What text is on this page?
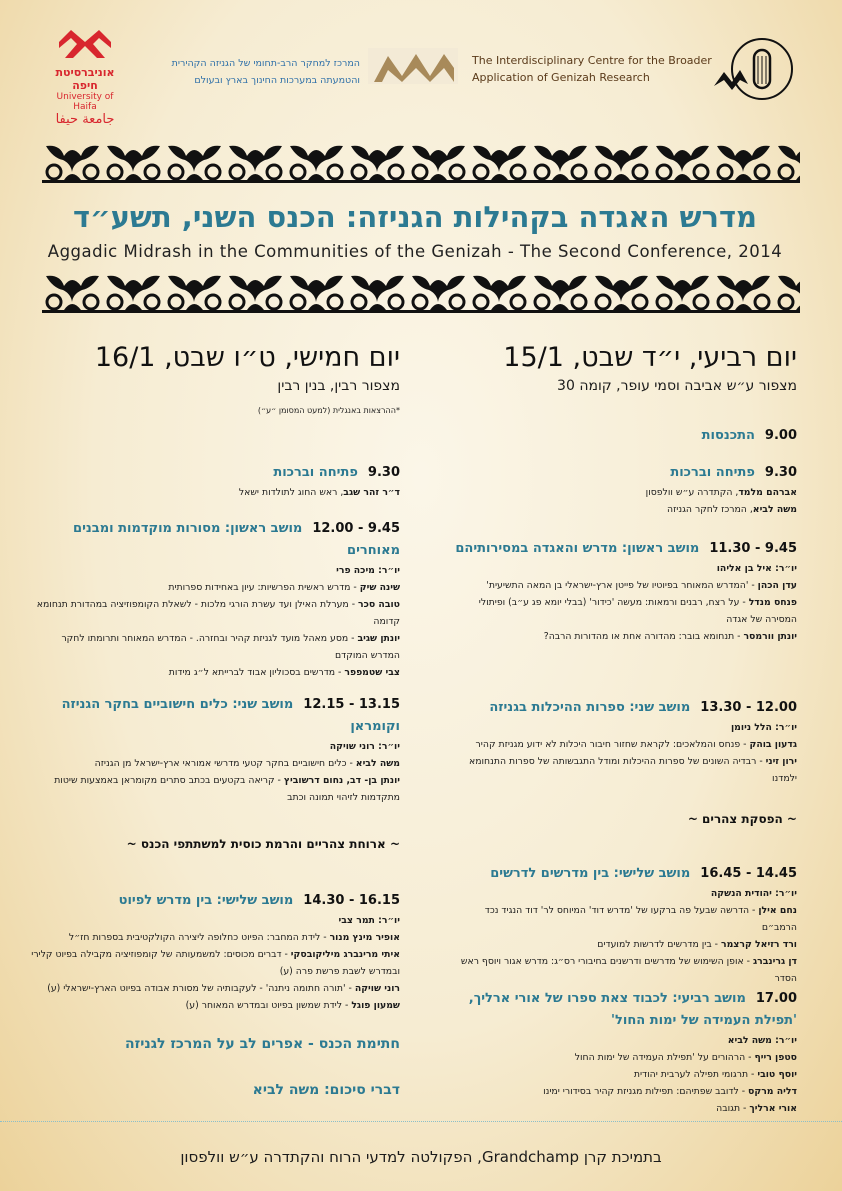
אוניברסיטת חיפה
University of Haifa
جامعة حيفا
המרכז למחקר הרב-תחומי של הגניזה הקהירית
והטמעתה במערכות החינוך בארץ ובעולם
The Interdisciplinary Centre for the Broader
Application of Genizah Research
מדרש האגדה בקהילות הגניזה: הכנס השני, תשע״ד
Aggadic Midrash in the Communities of the Genizah - The Second Conference, 2014
יום רביעי, י״ד שבט, 15/1
מצפור ע״ש אביבה וסמי עופר, קומה 30
9.00התכנסות
9.30פתיחה וברכות
אברהם מלמד, הקתדרה ע״ש וולפסון
משה לביא, המרכז לחקר הגניזה
9.45 - 11.30מושב ראשון: מדרש והאגדה במסירותיהם
יו״ר: איל בן אליהו
עדן הכהן - 'המדרש המאוחר בפיוטיו של פייטן ארץ-ישראלי בן המאה התשיעית'
פנחס מנדל - על רצח, רבנים ורמאות: מעשה 'כידור' (בבלי יומא פג ע״ב) ופיתולי המסירה של אגדה
יונתן וורמסר - תנחומא בובר: מהדורה אחת או מהדורות הרבה?
12.00 - 13.30מושב שני: ספרות ההיכלות בגניזה
יו״ר: הלל ניומן
גדעון בוהק - פנחס והמלאכים: לקראת שחזור חיבור היכלות לא ידוע מגניזת קהיר
ירון זיני - רבדיה השונים של ספרות ההיכלות ומודל התגבשותה של ספרות התנחומא ילמדנו
~ הפסקת צהרים ~
14.45 - 16.45מושב שלישי: בין מדרשים לדרשים
יו״ר: יהודית הנשקה
נחם אילן - הדרשה שבעל פה ברקעו של 'מדרש דוד' המיוחס לר' דוד הנגיד נכד הרמב״ם
ורד רזיאל קרצמר - בין מדרשים לדרשות למועדים
דן גרינברג - אופן השימוש של מדרשים ודרשנים בחיבורי רס״ג: מדרש אגור ויוסף ראש הסדר
17.00מושב רביעי: לכבוד צאת ספרו של אורי ארליך, 'תפילת העמידה של ימות החול'
יו״ר: משה לביא
סטפן רייף - הרהורים על 'תפילת העמידה של ימות החול
יוסף טובי - תרגומי תפילה לערבית יהודית
דליה מרקס - לדובב שפתיהם: תפילות מגניזת קהיר בסידורי ימינו
אורי ארליך - תגובה
יום חמישי, ט״ו שבט, 16/1
מצפור רבין, בנין רבין
*ההרצאות באנגלית (למעט המסומן ״ע״)
9.30פתיחה וברכות
ד״ר זהר שגב, ראש החוג לתולדות ישאל
9.45 - 12.00מושב ראשון: מסורות מוקדמות ומבנים מאוחרים
יו״ר: מיכה פרי
שינה שיק - מדרש ראשית הפרשיות: עיון באחידות ספרותית
טובה סכר - מערלת האילן ועד עשרת הורגי מלכות - לשאלת הקומפוזיציה במהדורת תנחומא קדומה
יונתן שגיב - מסע מאהל מועד לגניזת קהיר ובחזרה. - המדרש המאוחר ותרומתו לחקר המדרש המוקדם
צבי שטמפפר - מדרשים בסכוליון אבוד לברייתא ל״ג מידות
13.15 - 12.15מושב שני: כלים חישוביים בחקר הגניזה וקומראן
יו״ר: רוני שויקה
משה לביא - כלים חישוביים בחקר קטעי מדרשי אמוראי ארץ-ישראל מן הגניזה
יונתן בן- דב, נחום דרשוביץ - קריאה בקטעים בכתב סתרים מקומראן באמצעות שיטות מתקדמות לזיהוי תמונה וכתב
~ ארוחת צהריים והרמת כוסית למשתתפי הכנס ~
16.15 - 14.30מושב שלישי: בין מדרש לפיוט
יו״ר: תמר צבי
אופיר מינץ מנור - לידת המחבר: הפיוט כחלופה ליצירה הקולקטיבית בספרות חז״ל
איתי מרינברג מיליקובסקי - דברים מכוסים: למשמעותה של קומפוזיציה מקבילה בפיוט קלירי ובמדרש לשבת פרשת פרה (ע)
רוני שויקה - 'תורה חתומה ניתנה' - לעקבותיה של מסורת אבודה בפיוט הארץ-ישראלי (ע)
שמעון פוגל - לידת שמשון בפיוט ובמדרש המאוחר (ע)
חתימת הכנס - אפרים לב על המרכז לגניזה
דברי סיכום: משה לביא
בתמיכת קרן Grandchamp, הפקולטה למדעי הרוח והקתדרה ע״ש וולפסון
